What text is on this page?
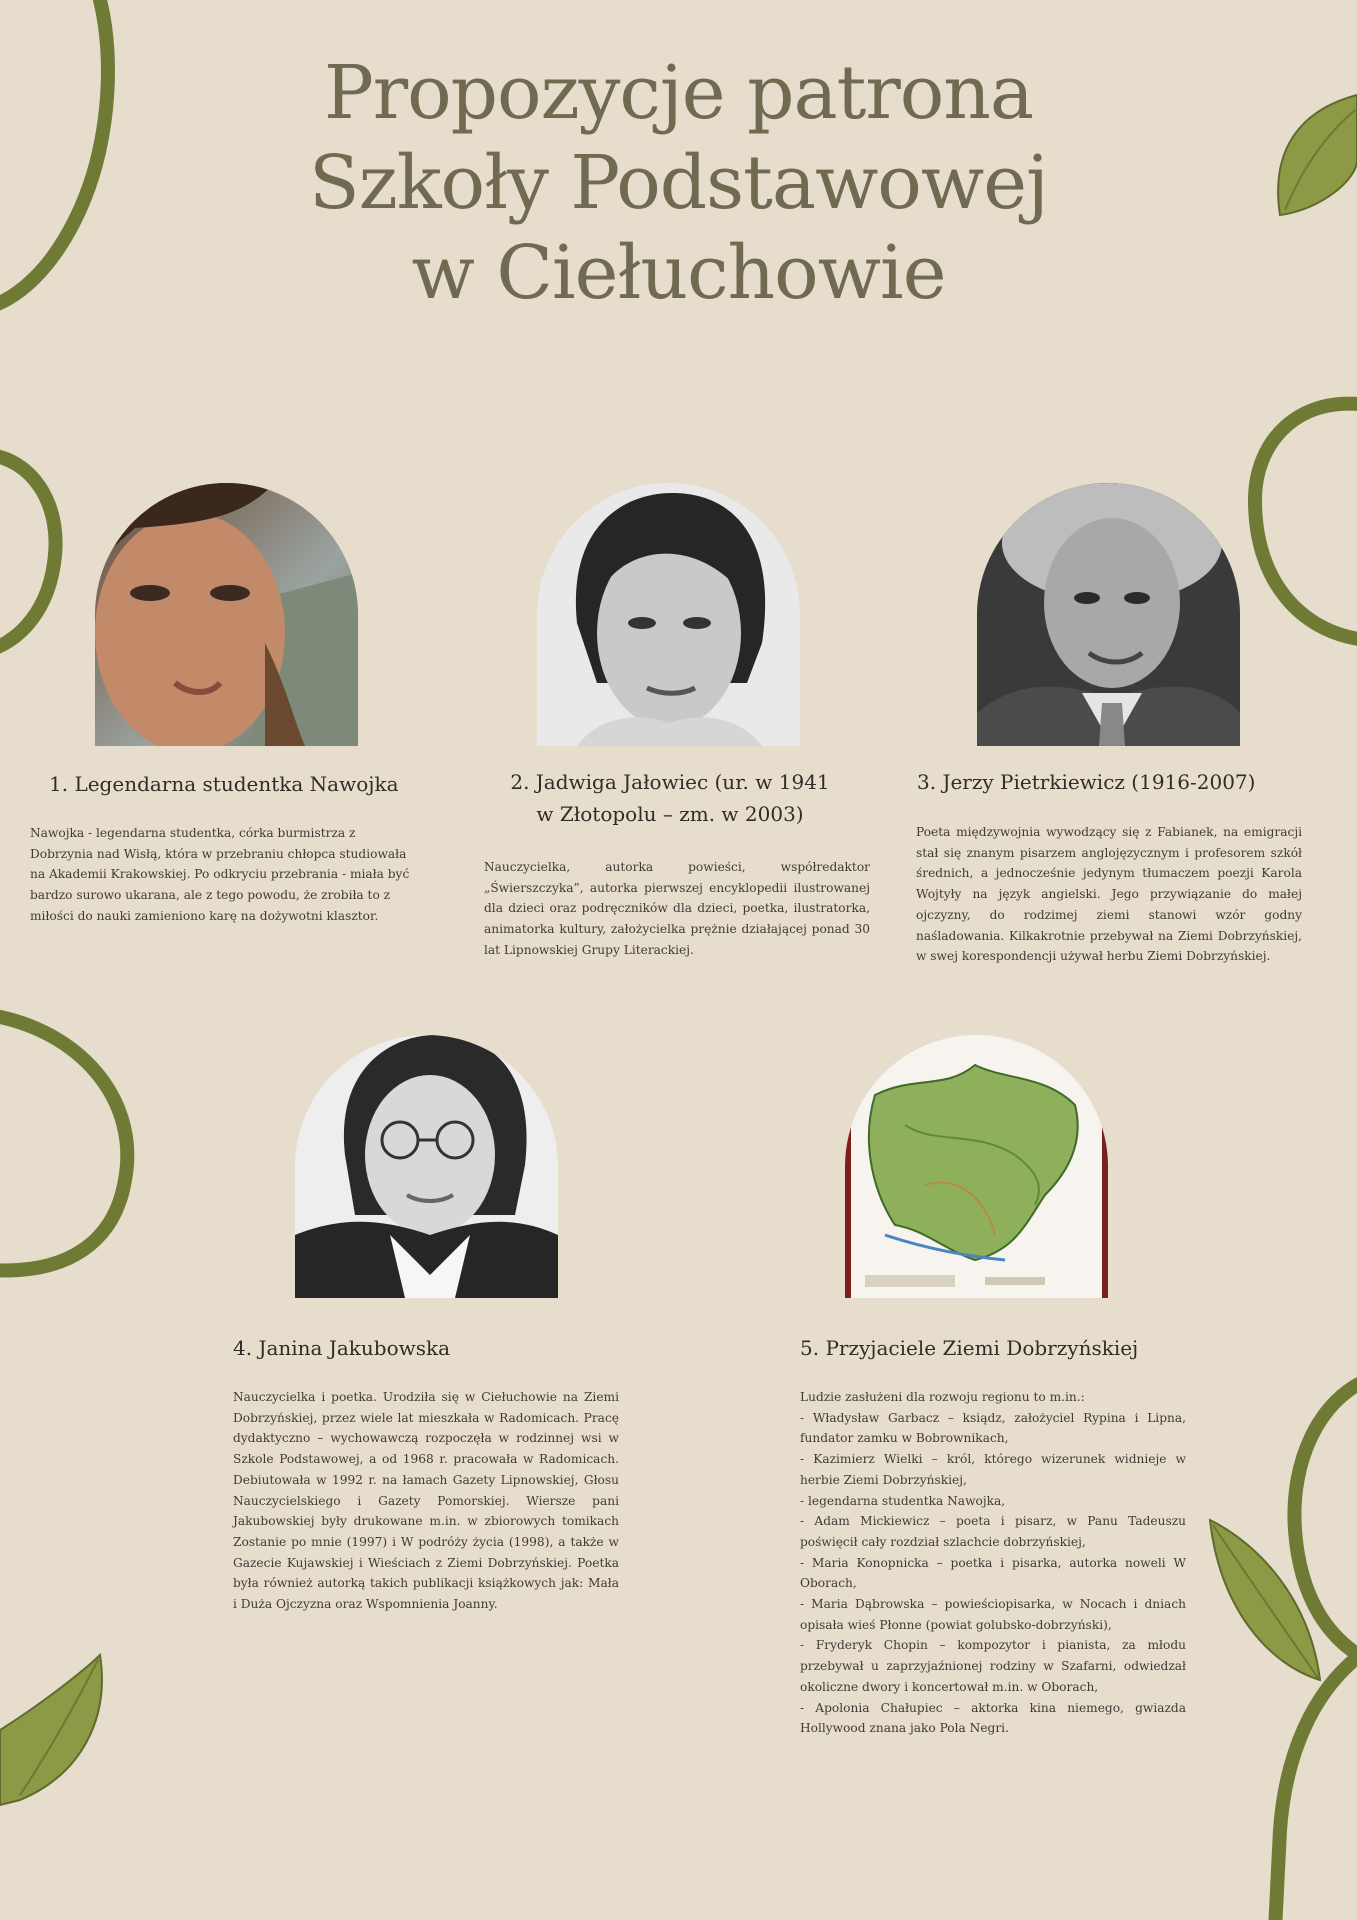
Propozycje patrona
Szkoły Podstawowej
w Ciełuchowie
1. Legendarna studentka Nawojka	2. Jadwiga Jałowiec (ur. w 1941
w Złotopolu – zm. w 2003)
3. Jerzy Pietrkiewicz (1916-2007)
4. Janina Jakubowska	5. Przyjaciele Ziemi Dobrzyńskiej
Nawojka - legendarna studentka, córka burmistrza z Dobrzynia nad Wisłą, która w przebraniu chłopca studiowała na Akademii Krakowskiej. Po odkryciu przebrania - miała być bardzo surowo ukarana, ale z tego powodu, że zrobiła to z miłości do nauki zamieniono karę na dożywotni klasztor.
Nauczycielka, autorka powieści, współredaktor „Świerszczyka”, autorka pierwszej encyklopedii ilustrowanej dla dzieci oraz podręczników dla dzieci, poetka, ilustratorka, animatorka kultury, założycielka prężnie działającej ponad 30 lat Lipnowskiej Grupy Literackiej.
Poeta międzywojnia wywodzący się z Fabianek, na emigracji stał się znanym pisarzem anglojęzycznym i profesorem szkół średnich, a jednocześnie jedynym tłumaczem poezji Karola Wojtyły na język angielski. Jego przywiązanie do małej ojczyzny, do rodzimej ziemi stanowi wzór godny naśladowania. Kilkakrotnie przebywał na Ziemi Dobrzyńskiej, w swej korespondencji używał herbu Ziemi Dobrzyńskiej.
Nauczycielka i poetka. Urodziła się w Ciełuchowie na Ziemi Dobrzyńskiej, przez wiele lat mieszkała w Radomicach. Pracę dydaktyczno – wychowawczą rozpoczęła w rodzinnej wsi w Szkole Podstawowej, a od 1968 r. pracowała w Radomicach. Debiutowała w 1992 r. na łamach Gazety Lipnowskiej, Głosu Nauczycielskiego i Gazety Pomorskiej. Wiersze pani Jakubowskiej były drukowane m.in. w zbiorowych tomikach Zostanie po mnie (1997) i W podróży życia (1998), a także w Gazecie Kujawskiej i Wieściach z Ziemi Dobrzyńskiej. Poetka była również autorką takich publikacji książkowych jak: Mała i Duża Ojczyzna oraz Wspomnienia Joanny.

Ludzie zasłużeni dla rozwoju regionu to m.in.:

- Władysław Garbacz – ksiądz, założyciel Rypina i Lipna, fundator zamku w Bobrownikach,

- Kazimierz Wielki – król, którego wizerunek widnieje w herbie Ziemi Dobrzyńskiej,

- legendarna studentka Nawojka,

- Adam Mickiewicz – poeta i pisarz, w Panu Tadeuszu poświęcił cały rozdział szlachcie dobrzyńskiej,

- Maria Konopnicka – poetka i pisarka, autorka noweli W Oborach,

- Maria Dąbrowska – powieściopisarka, w Nocach i dniach opisała wieś Płonne (powiat golubsko-dobrzyński),

- Fryderyk Chopin – kompozytor i pianista, za młodu przebywał u zaprzyjaźnionej rodziny w Szafarni, odwiedzał okoliczne dwory i koncertował m.in. w Oborach,

- Apolonia Chałupiec – aktorka kina niemego, gwiazda Hollywood znana jako Pola Negri.
